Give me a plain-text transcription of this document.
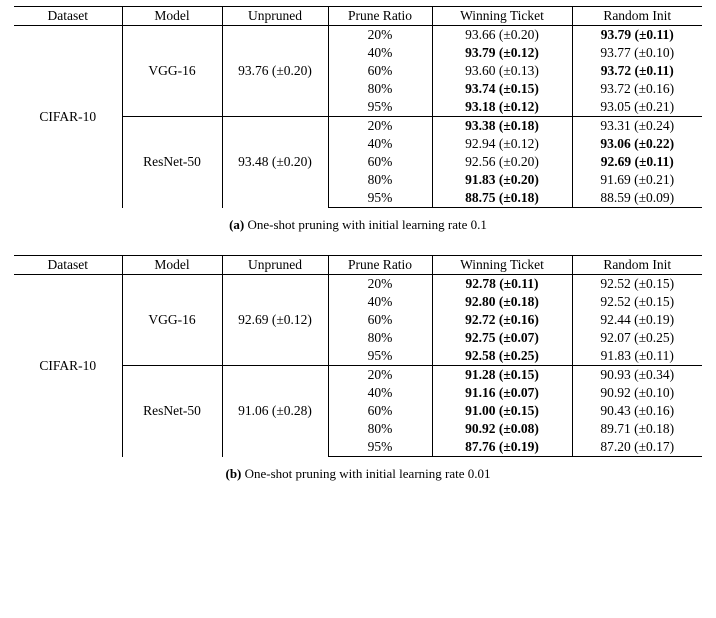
Dataset	Model	Unpruned	Prune Ratio	Winning Ticket	Random Init
CIFAR-10	VGG-16	93.76 (±0.20)	20%	93.66 (±0.20)	93.79 (±0.11)
			40%	93.79 (±0.12)	93.77 (±0.10)
			60%	93.60 (±0.13)	93.72 (±0.11)
			80%	93.74 (±0.15)	93.72 (±0.16)
			95%	93.18 (±0.12)	93.05 (±0.21)
	ResNet-50	93.48 (±0.20)	20%	93.38 (±0.18)	93.31 (±0.24)
			40%	92.94 (±0.12)	93.06 (±0.22)
			60%	92.56 (±0.20)	92.69 (±0.11)
			80%	91.83 (±0.20)	91.69 (±0.21)
			95%	88.75 (±0.18)	88.59 (±0.09)
(a) One-shot pruning with initial learning rate 0.1
Dataset	Model	Unpruned	Prune Ratio	Winning Ticket	Random Init
CIFAR-10	VGG-16	92.69 (±0.12)	20%	92.78 (±0.11)	92.52 (±0.15)
			40%	92.80 (±0.18)	92.52 (±0.15)
			60%	92.72 (±0.16)	92.44 (±0.19)
			80%	92.75 (±0.07)	92.07 (±0.25)
			95%	92.58 (±0.25)	91.83 (±0.11)
	ResNet-50	91.06 (±0.28)	20%	91.28 (±0.15)	90.93 (±0.34)
			40%	91.16 (±0.07)	90.92 (±0.10)
			60%	91.00 (±0.15)	90.43 (±0.16)
			80%	90.92 (±0.08)	89.71 (±0.18)
			95%	87.76 (±0.19)	87.20 (±0.17)
(b) One-shot pruning with initial learning rate 0.01
